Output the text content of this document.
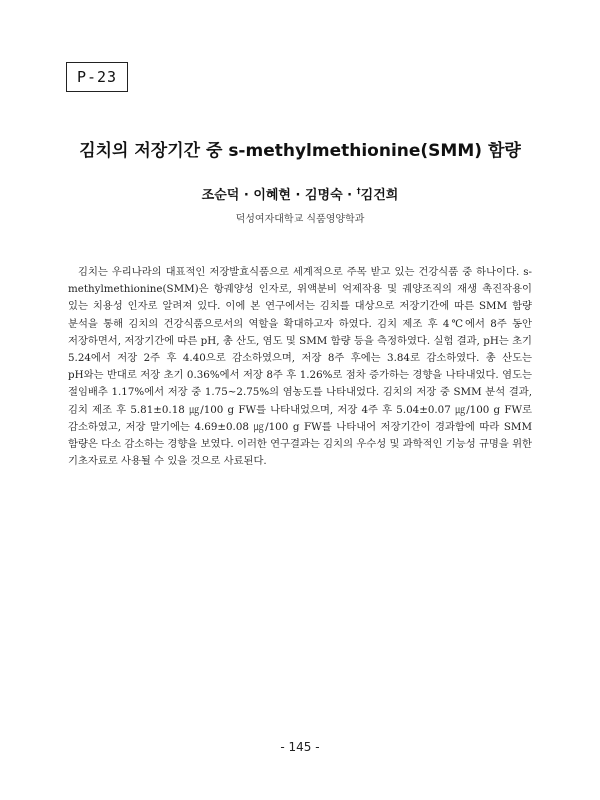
P-23
김치의 저장기간 중 s-methylmethionine(SMM) 함량
조순덕 · 이혜현 · 김명숙 · †김건희
덕성여자대학교 식품영양학과

김치는 우리나라의 대표적인 저장발효식품으로 세계적으로 주목 받고 있는 건강식품 중 하나이다. s-methylmethionine(SMM)은 항궤양성 인자로, 위액분비 억제작용 및 궤양조직의 재생 촉진작용이 있는 치용성 인자로 알려져 있다. 이에 본 연구에서는 김치를 대상으로 저장기간에 따른 SMM 함량 분석을 통해 김치의 건강식품으로서의 역할을 확대하고자 하였다. 김치 제조 후 4℃에서 8주 동안 저장하면서, 저장기간에 따른 pH, 총 산도, 염도 및 SMM 함량 등을 측정하였다. 실험 결과, pH는 초기 5.24에서 저장 2주 후 4.40으로 감소하였으며, 저장 8주 후에는 3.84로 감소하였다. 총 산도는 pH와는 반대로 저장 초기 0.36%에서 저장 8주 후 1.26%로 점차 증가하는 경향을 나타내었다. 염도는 절임배추 1.17%에서 저장 중 1.75~2.75%의 염농도를 나타내었다. 김치의 저장 중 SMM 분석 결과, 김치 제조 후 5.81±0.18 ㎍/100 g FW를 나타내었으며, 저장 4주 후 5.04±0.07 ㎍/100 g FW로 감소하였고, 저장 말기에는 4.69±0.08 ㎍/100 g FW를 나타내어 저장기간이 경과함에 따라 SMM 함량은 다소 감소하는 경향을 보였다. 이러한 연구결과는 김치의 우수성 및 과학적인 기능성 규명을 위한 기초자료로 사용될 수 있을 것으로 사료된다.

- 145 -
